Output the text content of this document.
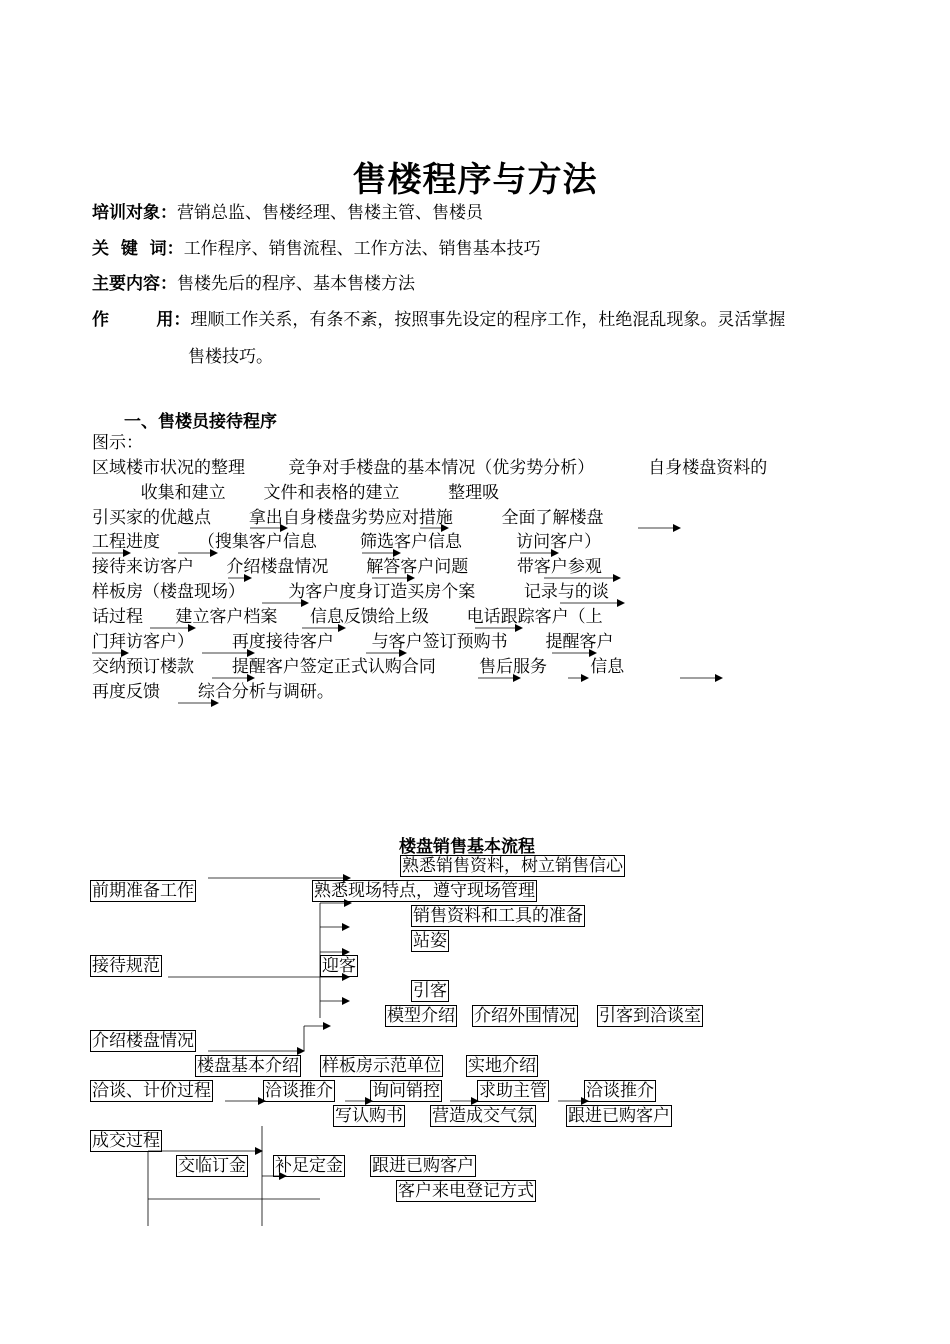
售楼程序与方法
培训对象：营销总监、售楼经理、售楼主管、售楼员
关  键  词：工作程序、销售流程、工作方法、销售基本技巧
主要内容：售楼先后的程序、基本售楼方法
作        用：理顺工作关系，有条不紊，按照事先设定的程序工作，杜绝混乱现象。灵活掌握
售楼技巧。
一、售楼员接待程序
图示：
区域楼市状况的整理        竞争对手楼盘的基本情况（优劣势分析）          自身楼盘资料的
收集和建立       文件和表格的建立         整理吸
引买家的优越点       拿出自身楼盘劣势应对措施         全面了解楼盘
工程进度       （搜集客户信息        筛选客户信息          访问客户）
接待来访客户      介绍楼盘情况       解答客户问题         带客户参观
样板房（楼盘现场）        为客户度身订造买房个案         记录与的谈
话过程      建立客户档案      信息反馈给上级       电话跟踪客户（上
门拜访客户）       再度接待客户       与客户签订预购书       提醒客户
交纳预订楼款       提醒客户签定正式认购合同        售后服务        信息
再度反馈       综合分析与调研。
楼盘销售基本流程
熟悉销售资料，树立销售信心
前期准备工作	熟悉现场特点，遵守现场管理
销售资料和工具的准备
站姿
接待规范	迎客
引客
模型介绍 介绍外围情况 引客到洽谈室
介绍楼盘情况
楼盘基本介绍 样板房示范单位 实地介绍
洽谈、计价过程	洽谈推介 询问销控 求助主管 洽谈推介
写认购书 营造成交气氛 跟进已购客户
成交过程
交临订金 补足定金 跟进已购客户
客户来电登记方式
